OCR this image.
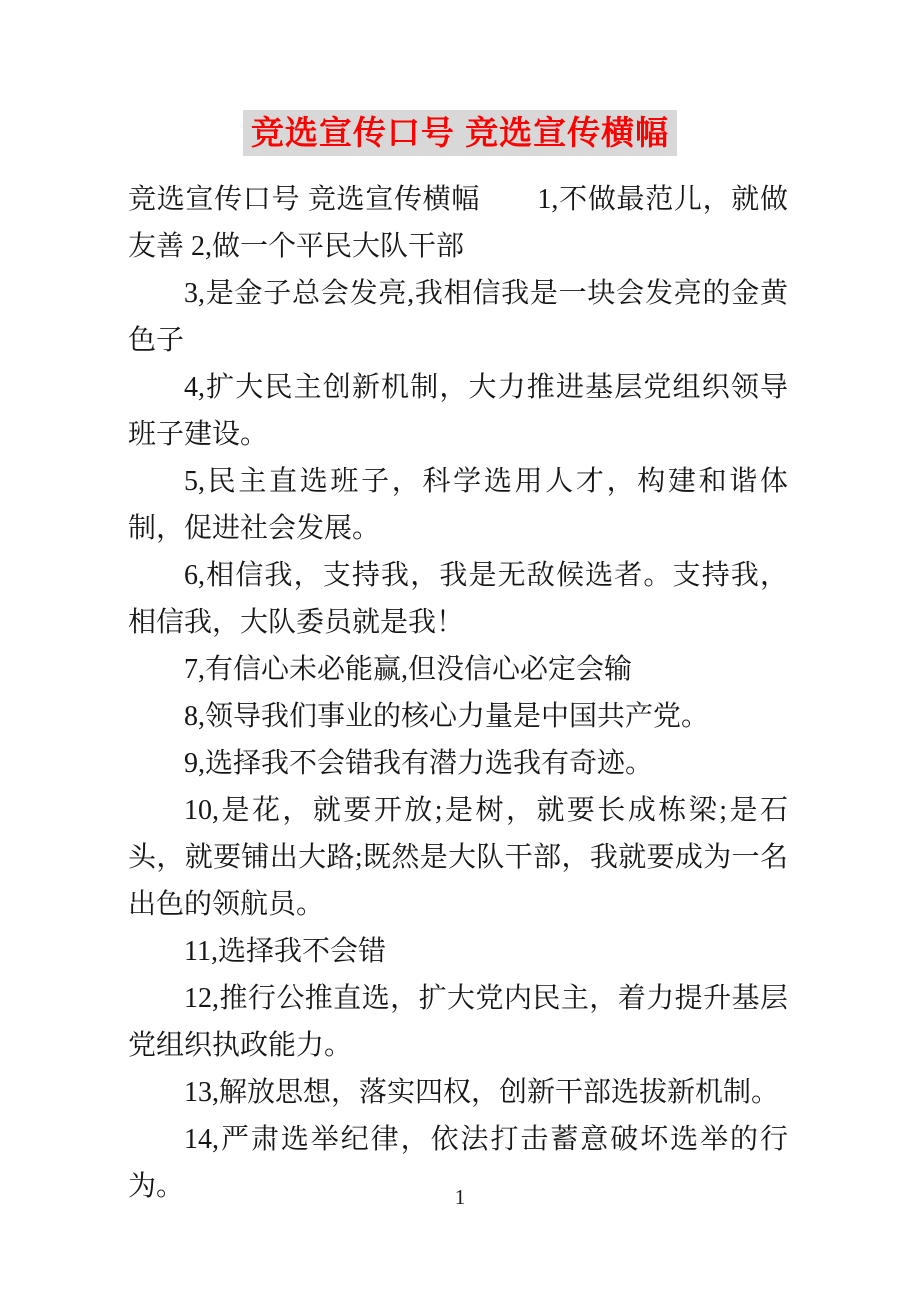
竞选宣传口号 竞选宣传横幅

竞选宣传口号 竞选宣传横幅　　1,不做最范儿，就做友善 2,做一个平民大队干部

3,是金子总会发亮,我相信我是一块会发亮的金黄色子

4,扩大民主创新机制，大力推进基层党组织领导班子建设。

5,民主直选班子，科学选用人才，构建和谐体制，促进社会发展。

6,相信我，支持我，我是无敌候选者。支持我，相信我，大队委员就是我！

7,有信心未必能赢,但没信心必定会输

8,领导我们事业的核心力量是中国共产党。

9,选择我不会错我有潜力选我有奇迹。

10,是花，就要开放;是树，就要长成栋梁;是石头，就要铺出大路;既然是大队干部，我就要成为一名出色的领航员。

11,选择我不会错

12,推行公推直选，扩大党内民主，着力提升基层党组织执政能力。

13,解放思想，落实四权，创新干部选拔新机制。

14,严肃选举纪律，依法打击蓄意破坏选举的行为。	1
